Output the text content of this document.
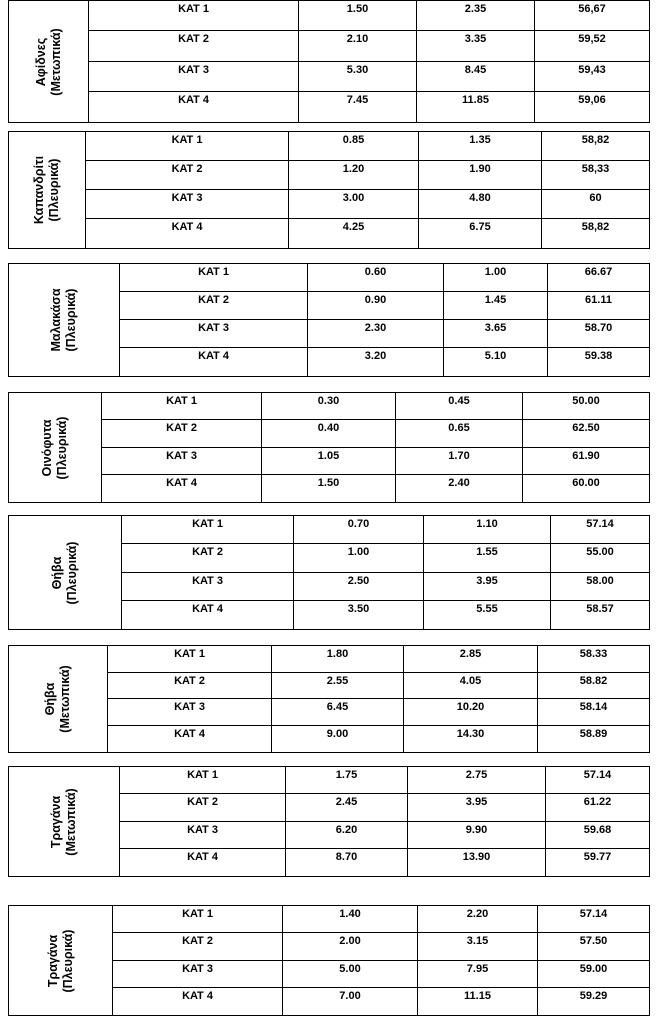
Αφίδνες (Μετωπικά)
ΚΑΤ 1	1.50	2.35	56,67
ΚΑΤ 2	2.10	3.35	59,52
ΚΑΤ 3	5.30	8.45	59,43
ΚΑΤ 4	7.45	11.85	59,06
Καπανδρίτι (Πλευρικά)
ΚΑΤ 1	0.85	1.35	58,82
ΚΑΤ 2	1.20	1.90	58,33
ΚΑΤ 3	3.00	4.80	60
ΚΑΤ 4	4.25	6.75	58,82
Μαλακάσα (Πλευρικά)
ΚΑΤ 1	0.60	1.00	66.67
ΚΑΤ 2	0.90	1.45	61.11
ΚΑΤ 3	2.30	3.65	58.70
ΚΑΤ 4	3.20	5.10	59.38
Οινόφυτα (Πλευρικά)
ΚΑΤ 1	0.30	0.45	50.00
ΚΑΤ 2	0.40	0.65	62.50
ΚΑΤ 3	1.05	1.70	61.90
ΚΑΤ 4	1.50	2.40	60.00
Θήβα (Πλευρικά)
ΚΑΤ 1	0.70	1.10	57.14
ΚΑΤ 2	1.00	1.55	55.00
ΚΑΤ 3	2.50	3.95	58.00
ΚΑΤ 4	3.50	5.55	58.57
Θήβα (Μετωπικά)
ΚΑΤ 1	1.80	2.85	58.33
ΚΑΤ 2	2.55	4.05	58.82
ΚΑΤ 3	6.45	10.20	58.14
ΚΑΤ 4	9.00	14.30	58.89
Τραγάνα (Μετωπικά)
ΚΑΤ 1	1.75	2.75	57.14
ΚΑΤ 2	2.45	3.95	61.22
ΚΑΤ 3	6.20	9.90	59.68
ΚΑΤ 4	8.70	13.90	59.77
Τραγάνα (Πλευρικά)
ΚΑΤ 1	1.40	2.20	57.14
ΚΑΤ 2	2.00	3.15	57.50
ΚΑΤ 3	5.00	7.95	59.00
ΚΑΤ 4	7.00	11.15	59.29
